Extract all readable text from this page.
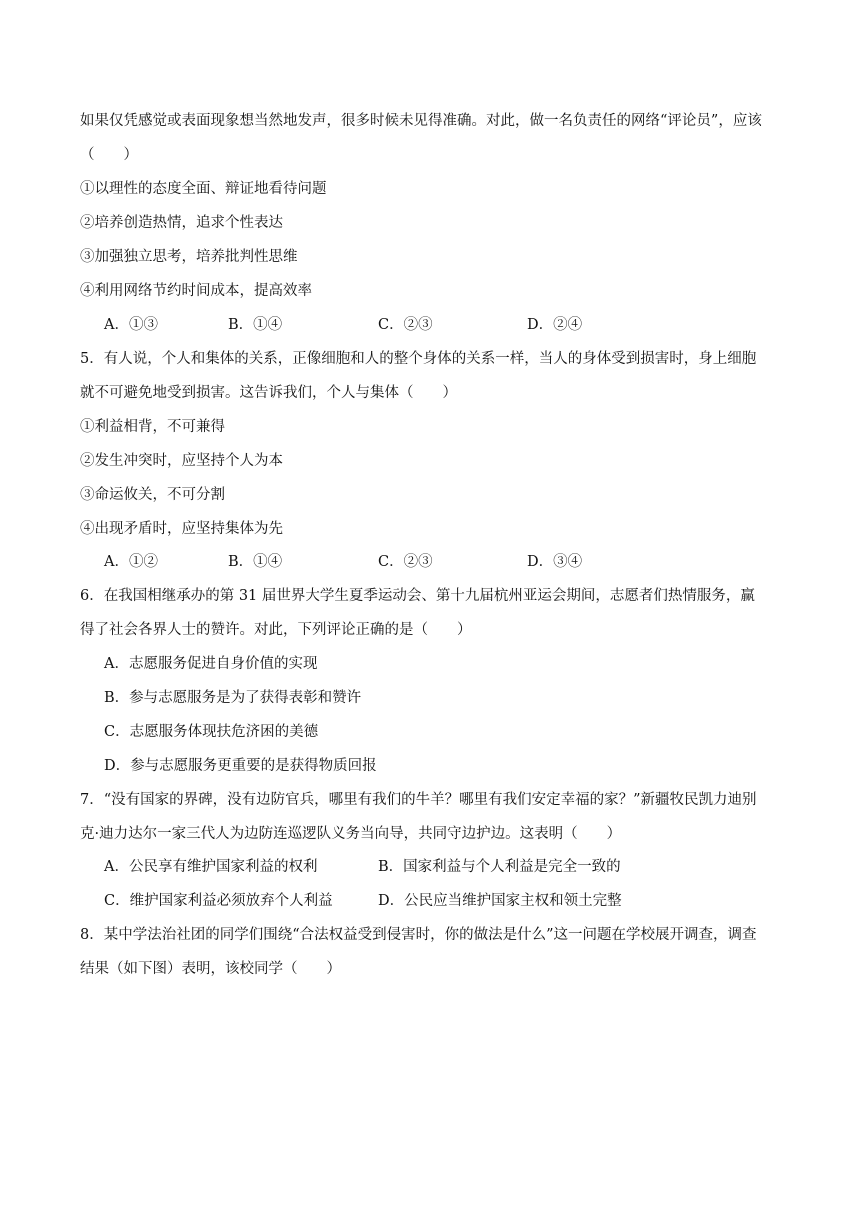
如果仅凭感觉或表面现象想当然地发声，很多时候未见得准确。对此，做一名负责任的网络“评论员”，应该
（　　）
①以理性的态度全面、辩证地看待问题
②培养创造热情，追求个性表达
③加强独立思考，培养批判性思维
④利用网络节约时间成本，提高效率
A．①③	B．①④	C．②③	D．②④
5．有人说，个人和集体的关系，正像细胞和人的整个身体的关系一样，当人的身体受到损害时，身上细胞
就不可避免地受到损害。这告诉我们，个人与集体（　　）
①利益相背，不可兼得
②发生冲突时，应坚持个人为本
③命运攸关，不可分割
④出现矛盾时，应坚持集体为先
A．①②	B．①④	C．②③	D．③④
6．在我国相继承办的第 31 届世界大学生夏季运动会、第十九届杭州亚运会期间，志愿者们热情服务，赢
得了社会各界人士的赞许。对此，下列评论正确的是（　　）
A．志愿服务促进自身价值的实现
B．参与志愿服务是为了获得表彰和赞许
C．志愿服务体现扶危济困的美德
D．参与志愿服务更重要的是获得物质回报
7．“没有国家的界碑，没有边防官兵，哪里有我们的牛羊？哪里有我们安定幸福的家？”新疆牧民凯力迪别
克·迪力达尔一家三代人为边防连巡逻队义务当向导，共同守边护边。这表明（　　）
A．公民享有维护国家利益的权利	B．国家利益与个人利益是完全一致的
C．维护国家利益必须放弃个人利益	D．公民应当维护国家主权和领土完整
8．某中学法治社团的同学们围绕“合法权益受到侵害时，你的做法是什么”这一问题在学校展开调查，调查
结果（如下图）表明，该校同学（　　）
